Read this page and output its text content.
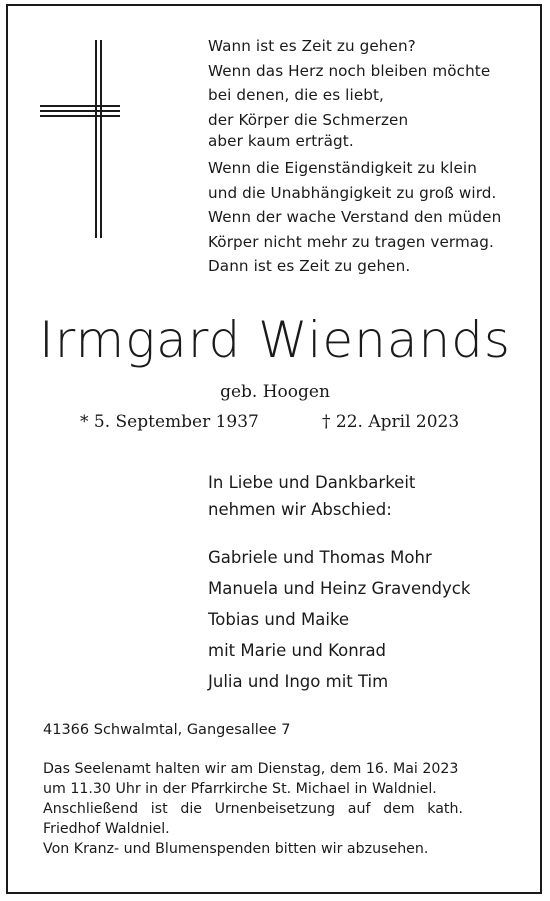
Wann ist es Zeit zu gehen?
Wenn das Herz noch bleiben möchte
bei denen, die es liebt,
der Körper die Schmerzen
aber kaum erträgt.
Wenn die Eigenständigkeit zu klein
und die Unabhängigkeit zu groß wird.
Wenn der wache Verstand den müden
Körper nicht mehr zu tragen vermag.
Dann ist es Zeit zu gehen.
Irmgard Wienands
geb. Hoogen
* 5. September 1937	† 22. April 2023
In Liebe und Dankbarkeit
nehmen wir Abschied:
Gabriele und Thomas Mohr
Manuela und Heinz Gravendyck
Tobias und Maike
mit Marie und Konrad
Julia und Ingo mit Tim
41366 Schwalmtal, Gangesallee 7
Das Seelenamt halten wir am Dienstag, dem 16. Mai 2023
um 11.30 Uhr in der Pfarrkirche St. Michael in Waldniel.
Anschließend ist die Urnenbeisetzung auf dem kath.
Friedhof Waldniel.
Von Kranz- und Blumenspenden bitten wir abzusehen.
